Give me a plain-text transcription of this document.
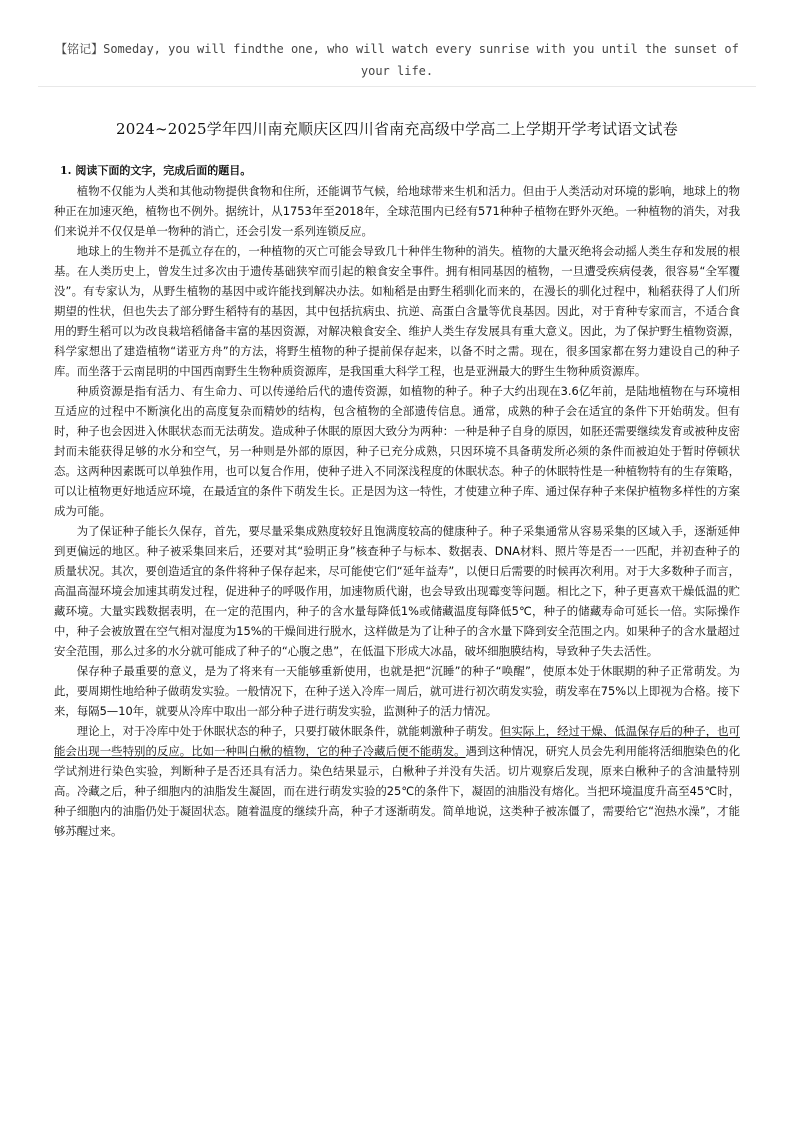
【铭记】Someday, you will findthe one, who will watch every sunrise with you until the sunset of your life.
2024~2025学年四川南充顺庆区四川省南充高级中学高二上学期开学考试语文试卷
1. 阅读下面的文字，完成后面的题目。

植物不仅能为人类和其他动物提供食物和住所，还能调节气候，给地球带来生机和活力。但由于人类活动对环境的影响，地球上的物种正在加速灭绝，植物也不例外。据统计，从1753年至2018年，全球范围内已经有571种种子植物在野外灭绝。一种植物的消失，对我们来说并不仅仅是单一物种的消亡，还会引发一系列连锁反应。

地球上的生物并不是孤立存在的，一种植物的灭亡可能会导致几十种伴生物种的消失。植物的大量灭绝将会动摇人类生存和发展的根基。在人类历史上，曾发生过多次由于遗传基础狭窄而引起的粮食安全事件。拥有相同基因的植物，一旦遭受疾病侵袭，很容易“全军覆没”。有专家认为，从野生植物的基因中或许能找到解决办法。如籼稻是由野生稻驯化而来的，在漫长的驯化过程中，籼稻获得了人们所期望的性状，但也失去了部分野生稻特有的基因，其中包括抗病虫、抗逆、高蛋白含量等优良基因。因此，对于育种专家而言，不适合食用的野生稻可以为改良栽培稻储备丰富的基因资源，对解决粮食安全、维护人类生存发展具有重大意义。因此，为了保护野生植物资源，科学家想出了建造植物“诺亚方舟”的方法，将野生植物的种子提前保存起来，以备不时之需。现在，很多国家都在努力建设自己的种子库。而坐落于云南昆明的中国西南野生生物种质资源库，是我国重大科学工程，也是亚洲最大的野生生物种质资源库。

种质资源是指有活力、有生命力、可以传递给后代的遗传资源，如植物的种子。种子大约出现在3.6亿年前，是陆地植物在与环境相互适应的过程中不断演化出的高度复杂而精妙的结构，包含植物的全部遗传信息。通常，成熟的种子会在适宜的条件下开始萌发。但有时，种子也会因进入休眠状态而无法萌发。造成种子休眠的原因大致分为两种：一种是种子自身的原因，如胚还需要继续发育或被种皮密封而未能获得足够的水分和空气，另一种则是外部的原因，种子已充分成熟，只因环境不具备萌发所必须的条件而被迫处于暂时停顿状态。这两种因素既可以单独作用，也可以复合作用，使种子进入不同深浅程度的休眠状态。种子的休眠特性是一种植物特有的生存策略，可以让植物更好地适应环境，在最适宜的条件下萌发生长。正是因为这一特性，才使建立种子库、通过保存种子来保护植物多样性的方案成为可能。

为了保证种子能长久保存，首先，要尽量采集成熟度较好且饱满度较高的健康种子。种子采集通常从容易采集的区域入手，逐渐延伸到更偏远的地区。种子被采集回来后，还要对其“验明正身”核查种子与标本、数据表、DNA材料、照片等是否一一匹配，并初查种子的质量状况。其次，要创造适宜的条件将种子保存起来，尽可能使它们“延年益寿”，以便日后需要的时候再次利用。对于大多数种子而言，高温高湿环境会加速其萌发过程，促进种子的呼吸作用，加速物质代谢，也会导致出现霉变等问题。相比之下，种子更喜欢干燥低温的贮藏环境。大量实践数据表明，在一定的范围内，种子的含水量每降低1%或储藏温度每降低5℃，种子的储藏寿命可延长一倍。实际操作中，种子会被放置在空气相对湿度为15%的干燥间进行脱水，这样做是为了让种子的含水量下降到安全范围之内。如果种子的含水量超过安全范围，那么过多的水分就可能成了种子的“心腹之患”，在低温下形成大冰晶，破坏细胞膜结构，导致种子失去活性。

保存种子最重要的意义，是为了将来有一天能够重新使用，也就是把“沉睡”的种子“唤醒”，使原本处于休眠期的种子正常萌发。为此，要周期性地给种子做萌发实验。一般情况下，在种子送入冷库一周后，就可进行初次萌发实验，萌发率在75%以上即视为合格。接下来，每隔5—10年，就要从冷库中取出一部分种子进行萌发实验，监测种子的活力情况。

理论上，对于冷库中处于休眠状态的种子，只要打破休眠条件，就能刺激种子萌发。但实际上，经过干燥、低温保存后的种子，也可能会出现一些特别的反应。比如一种叫白楸的植物，它的种子冷藏后便不能萌发。遇到这种情况，研究人员会先利用能将活细胞染色的化学试剂进行染色实验，判断种子是否还具有活力。染色结果显示，白楸种子并没有失活。切片观察后发现，原来白楸种子的含油量特别高。冷藏之后，种子细胞内的油脂发生凝固，而在进行萌发实验的25℃的条件下，凝固的油脂没有熔化。当把环境温度升高至45℃时，种子细胞内的油脂仍处于凝固状态。随着温度的继续升高，种子才逐渐萌发。简单地说，这类种子被冻僵了，需要给它“泡热水澡”，才能够苏醒过来。
